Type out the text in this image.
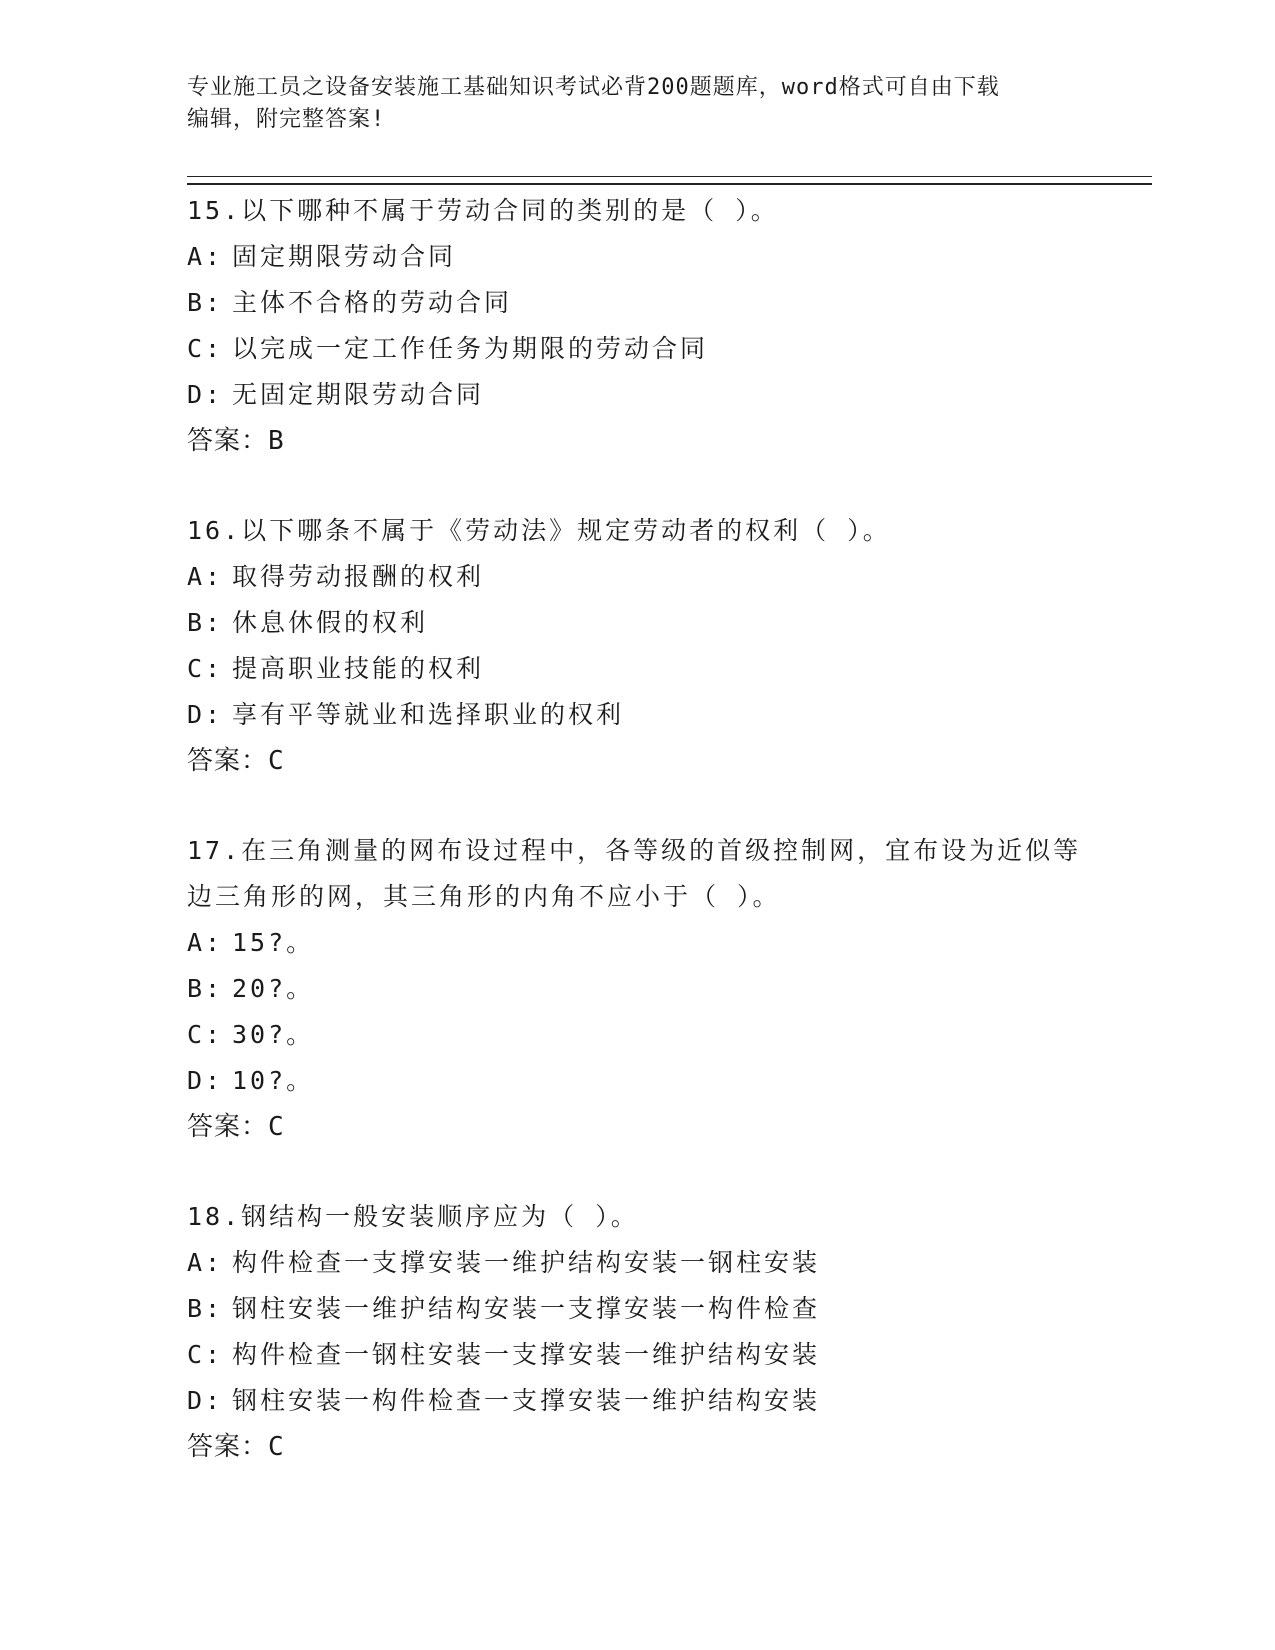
专业施工员之设备安装施工基础知识考试必背200题题库，word格式可自由下载
编辑，附完整答案!
15.以下哪种不属于劳动合同的类别的是（ ）。
A: 固定期限劳动合同
B: 主体不合格的劳动合同
C: 以完成一定工作任务为期限的劳动合同
D: 无固定期限劳动合同
答案：B
16.以下哪条不属于《劳动法》规定劳动者的权利（ ）。
A: 取得劳动报酬的权利
B: 休息休假的权利
C: 提高职业技能的权利
D: 享有平等就业和选择职业的权利
答案：C
17.在三角测量的网布设过程中，各等级的首级控制网，宜布设为近似等边三角形的网，其三角形的内角不应小于（ ）。
A: 15?。
B: 20?。
C: 30?。
D: 10?。
答案：C
18.钢结构一般安装顺序应为（ ）。
A: 构件检查一支撑安装一维护结构安装一钢柱安装
B: 钢柱安装一维护结构安装一支撑安装一构件检查
C: 构件检查一钢柱安装一支撑安装一维护结构安装
D: 钢柱安装一构件检查一支撑安装一维护结构安装
答案：C
